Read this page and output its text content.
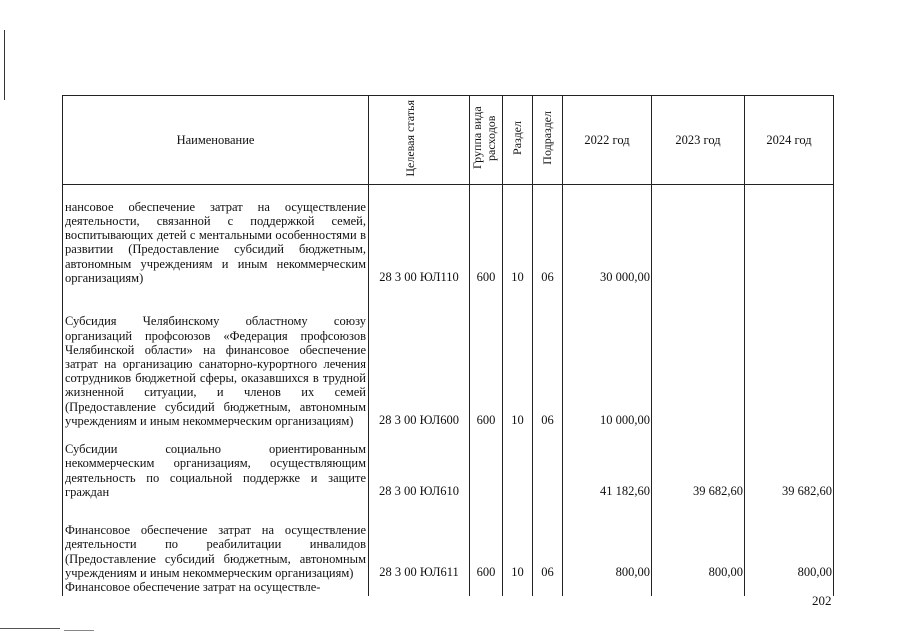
Наименование	Целевая статья	Группа вида расходов	Раздел	Подраздел	2022 год	2023 год	2024 год
нансовое обеспечение затрат на осуществление деятельности, связанной с поддержкой семей, воспитывающих детей с ментальными особенностями в развитии (Предоставление субсидий бюджетным, автономным учреждениям и иным некоммерческим организациям)	28 3 00 ЮЛ110	600	10	06	30 000,00		
Субсидия Челябинскому областному союзу организаций профсоюзов «Федерация профсоюзов Челябинской области» на финансовое обеспечение затрат на организацию санаторно-курортного лечения сотрудников бюджетной сферы, оказавшихся в трудной жизненной ситуации, и членов их семей (Предоставление субсидий бюджетным, автономным учреждениям и иным некоммерческим организациям)	28 3 00 ЮЛ600	600	10	06	10 000,00		
Субсидии социально ориентированным некоммерческим организациям, осуществляющим деятельность по социальной поддержке и защите граждан	28 3 00 ЮЛ610				41 182,60	39 682,60	39 682,60
Финансовое обеспечение затрат на осуществление деятельности по реабилитации инвалидов (Предоставление субсидий бюджетным, автономным учреждениям и иным некоммерческим организациям)	28 3 00 ЮЛ611	600	10	06	800,00	800,00	800,00
Финансовое обеспечение затрат на осуществле-							
202
